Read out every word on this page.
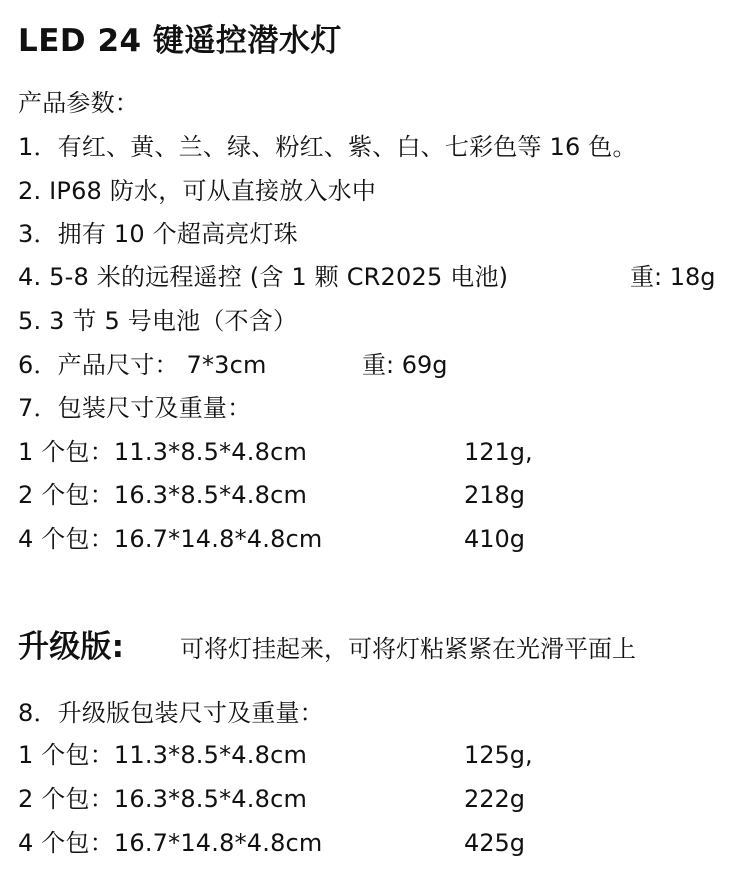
LED 24 键遥控潜水灯
产品参数：
1．有红、黄、兰、绿、粉红、紫、白、七彩色等 16 色。
2. IP68 防水，可从直接放入水中
3．拥有 10 个超高亮灯珠
4. 5-8 米的远程遥控 (含 1 颗 CR2025 电池)	重: 18g
5. 3 节 5 号电池（不含）
6．产品尺寸： 7*3cm	重: 69g
7．包装尺寸及重量：
1 个包：11.3*8.5*4.8cm	121g,
2 个包：16.3*8.5*4.8cm	218g
4 个包：16.7*14.8*4.8cm	410g
升级版: 可将灯挂起来，可将灯粘紧紧在光滑平面上
8．升级版包装尺寸及重量：
1 个包：11.3*8.5*4.8cm	125g,
2 个包：16.3*8.5*4.8cm	222g
4 个包：16.7*14.8*4.8cm	425g
